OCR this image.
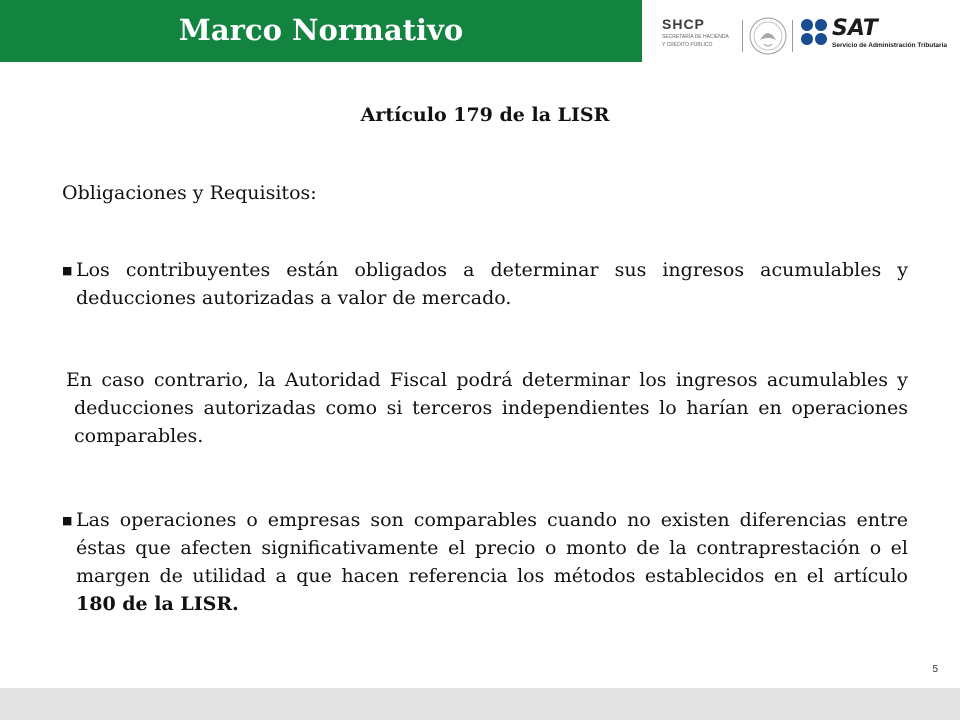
Marco Normativo	SHCP
SECRETARÍA DE HACIENDA
Y CRÉDITO PÚBLICO
SAT
Servicio de Administración Tributaria
Artículo 179 de la LISR
Obligaciones y Requisitos:
■ Los contribuyentes están obligados a determinar sus ingresos acumulables y deducciones autorizadas a valor de mercado.
En caso contrario, la Autoridad Fiscal podrá determinar los ingresos acumulables y deducciones autorizadas como si terceros independientes lo harían en operaciones comparables.
■ Las operaciones o empresas son comparables cuando no existen diferencias entre éstas que afecten significativamente el precio o monto de la contraprestación o el margen de utilidad a que hacen referencia los métodos establecidos en el artículo 180 de la LISR.
5
